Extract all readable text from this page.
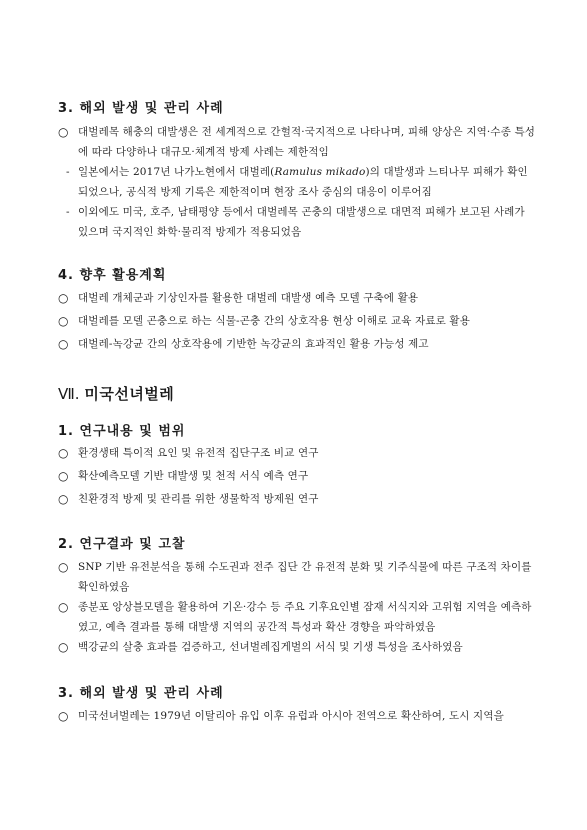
3. 해외 발생 및 관리 사례
○ 대벌레목 해충의 대발생은 전 세계적으로 간헐적·국지적으로 나타나며, 피해 양상은 지역·수종 특성에 따라 다양하나 대규모·체계적 방제 사례는 제한적임
- 일본에서는 2017년 나가노현에서 대벌레(Ramulus mikado)의 대발생과 느티나무 피해가 확인되었으나, 공식적 방제 기록은 제한적이며 현장 조사 중심의 대응이 이루어짐
- 이외에도 미국, 호주, 남태평양 등에서 대벌레목 곤충의 대발생으로 대면적 피해가 보고된 사례가 있으며 국지적인 화학·물리적 방제가 적용되었음
4. 향후 활용계획
○ 대벌레 개체군과 기상인자를 활용한 대벌레 대발생 예측 모델 구축에 활용
○ 대벌레를 모델 곤충으로 하는 식물-곤충 간의 상호작용 현상 이해로 교육 자료로 활용
○ 대벌레-녹강균 간의 상호작용에 기반한 녹강균의 효과적인 활용 가능성 제고
Ⅶ. 미국선녀벌레
1. 연구내용 및 범위
○ 환경생태 특이적 요인 및 유전적 집단구조 비교 연구
○ 확산예측모델 기반 대발생 및 천적 서식 예측 연구
○ 친환경적 방제 및 관리를 위한 생물학적 방제원 연구
2. 연구결과 및 고찰
○ SNP 기반 유전분석을 통해 수도권과 전주 집단 간 유전적 분화 및 기주식물에 따른 구조적 차이를 확인하였음
○ 종분포 앙상블모델을 활용하여 기온·강수 등 주요 기후요인별 잠재 서식지와 고위험 지역을 예측하였고, 예측 결과를 통해 대발생 지역의 공간적 특성과 확산 경향을 파악하였음
○ 백강균의 살충 효과를 검증하고, 선녀벌레집게벌의 서식 및 기생 특성을 조사하였음
3. 해외 발생 및 관리 사례
○ 미국선녀벌레는 1979년 이탈리아 유입 이후 유럽과 아시아 전역으로 확산하여, 도시 지역을
